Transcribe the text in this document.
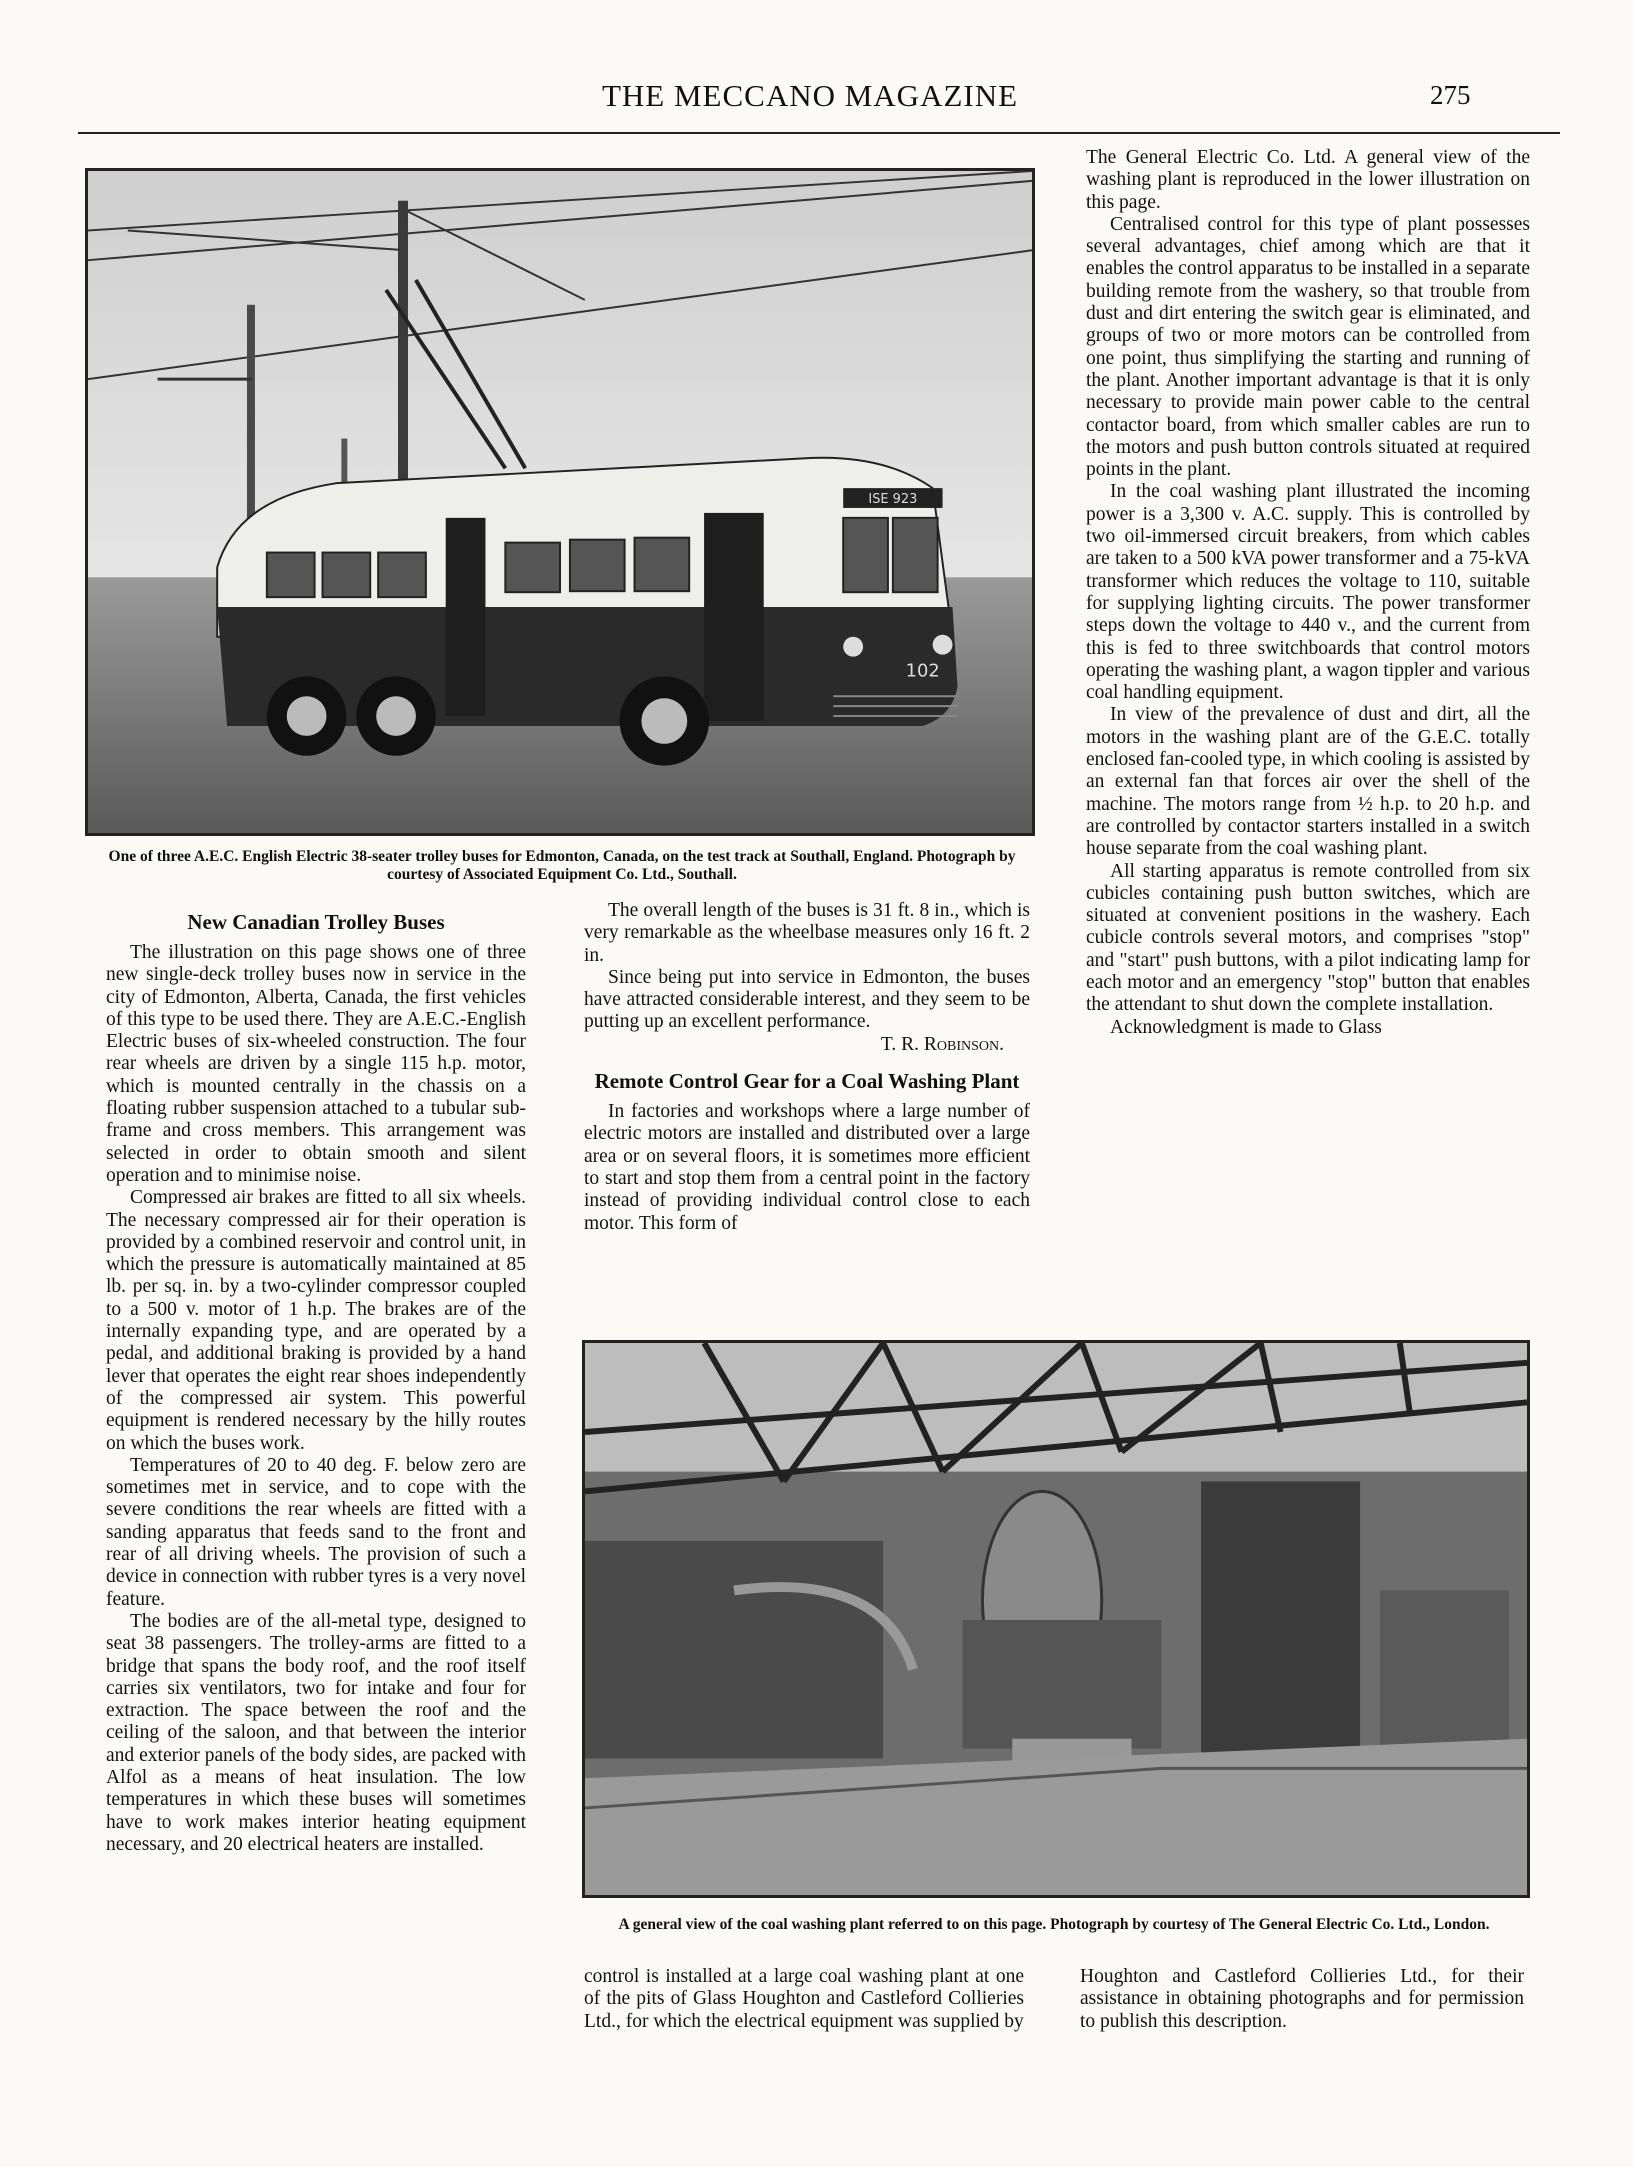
THE MECCANO MAGAZINE	275
ISE 923
102
One of three A.E.C. English Electric 38-seater trolley buses for Edmonton, Canada, on the test track at Southall, England. Photograph by courtesy of Associated Equipment Co. Ltd., Southall.
New Canadian Trolley Buses

The illustration on this page shows one of three new single-deck trolley buses now in service in the city of Edmonton, Alberta, Canada, the first vehicles of this type to be used there. They are A.E.C.-English Electric buses of six-wheeled construction. The four rear wheels are driven by a single 115 h.p. motor, which is mounted centrally in the chassis on a floating rubber suspension attached to a tubular sub-frame and cross members. This arrangement was selected in order to obtain smooth and silent operation and to minimise noise.

Compressed air brakes are fitted to all six wheels. The necessary compressed air for their operation is provided by a combined reservoir and control unit, in which the pressure is automatically maintained at 85 lb. per sq. in. by a two-cylinder compressor coupled to a 500 v. motor of 1 h.p. The brakes are of the internally expanding type, and are operated by a pedal, and additional braking is provided by a hand lever that operates the eight rear shoes independently of the compressed air system. This powerful equipment is rendered necessary by the hilly routes on which the buses work.

Temperatures of 20 to 40 deg. F. below zero are sometimes met in service, and to cope with the severe conditions the rear wheels are fitted with a sanding apparatus that feeds sand to the front and rear of all driving wheels. The provision of such a device in connection with rubber tyres is a very novel feature.

The bodies are of the all-metal type, designed to seat 38 passengers. The trolley-arms are fitted to a bridge that spans the body roof, and the roof itself carries six ventilators, two for intake and four for extraction. The space between the roof and the ceiling of the saloon, and that between the interior and exterior panels of the body sides, are packed with Alfol as a means of heat insulation. The low temperatures in which these buses will sometimes have to work makes interior heating equipment necessary, and 20 electrical heaters are installed.

The overall length of the buses is 31 ft. 8 in., which is very remarkable as the wheelbase measures only 16 ft. 2 in.

Since being put into service in Edmonton, the buses have attracted considerable interest, and they seem to be putting up an excellent performance.

T. R. Robinson.

Remote Control Gear for a Coal Washing Plant

In factories and workshops where a large number of electric motors are installed and distributed over a large area or on several floors, it is sometimes more efficient to start and stop them from a central point in the factory instead of providing individual control close to each motor. This form of

The General Electric Co. Ltd. A general view of the washing plant is reproduced in the lower illustration on this page.

Centralised control for this type of plant possesses several advantages, chief among which are that it enables the control apparatus to be installed in a separate building remote from the washery, so that trouble from dust and dirt entering the switch gear is eliminated, and groups of two or more motors can be controlled from one point, thus simplifying the starting and running of the plant. Another important advantage is that it is only necessary to provide main power cable to the central contactor board, from which smaller cables are run to the motors and push button controls situated at required points in the plant.

In the coal washing plant illustrated the incoming power is a 3,300 v. A.C. supply. This is controlled by two oil-immersed circuit breakers, from which cables are taken to a 500 kVA power transformer and a 75-kVA transformer which reduces the voltage to 110, suitable for supplying lighting circuits. The power transformer steps down the voltage to 440 v., and the current from this is fed to three switchboards that control motors operating the washing plant, a wagon tippler and various coal handling equipment.

In view of the prevalence of dust and dirt, all the motors in the washing plant are of the G.E.C. totally enclosed fan-cooled type, in which cooling is assisted by an external fan that forces air over the shell of the machine. The motors range from ½ h.p. to 20 h.p. and are controlled by contactor starters installed in a switch house separate from the coal washing plant.

All starting apparatus is remote controlled from six cubicles containing push button switches, which are situated at convenient positions in the washery. Each cubicle controls several motors, and comprises "stop" and "start" push buttons, with a pilot indicating lamp for each motor and an emergency "stop" button that enables the attendant to shut down the complete installation.

Acknowledgment is made to Glass

A general view of the coal washing plant referred to on this page. Photograph by courtesy of The General Electric Co. Ltd., London.

control is installed at a large coal washing plant at one of the pits of Glass Houghton and Castleford Collieries Ltd., for which the electrical equipment was supplied by

Houghton and Castleford Collieries Ltd., for their assistance in obtaining photographs and for permission to publish this description.
